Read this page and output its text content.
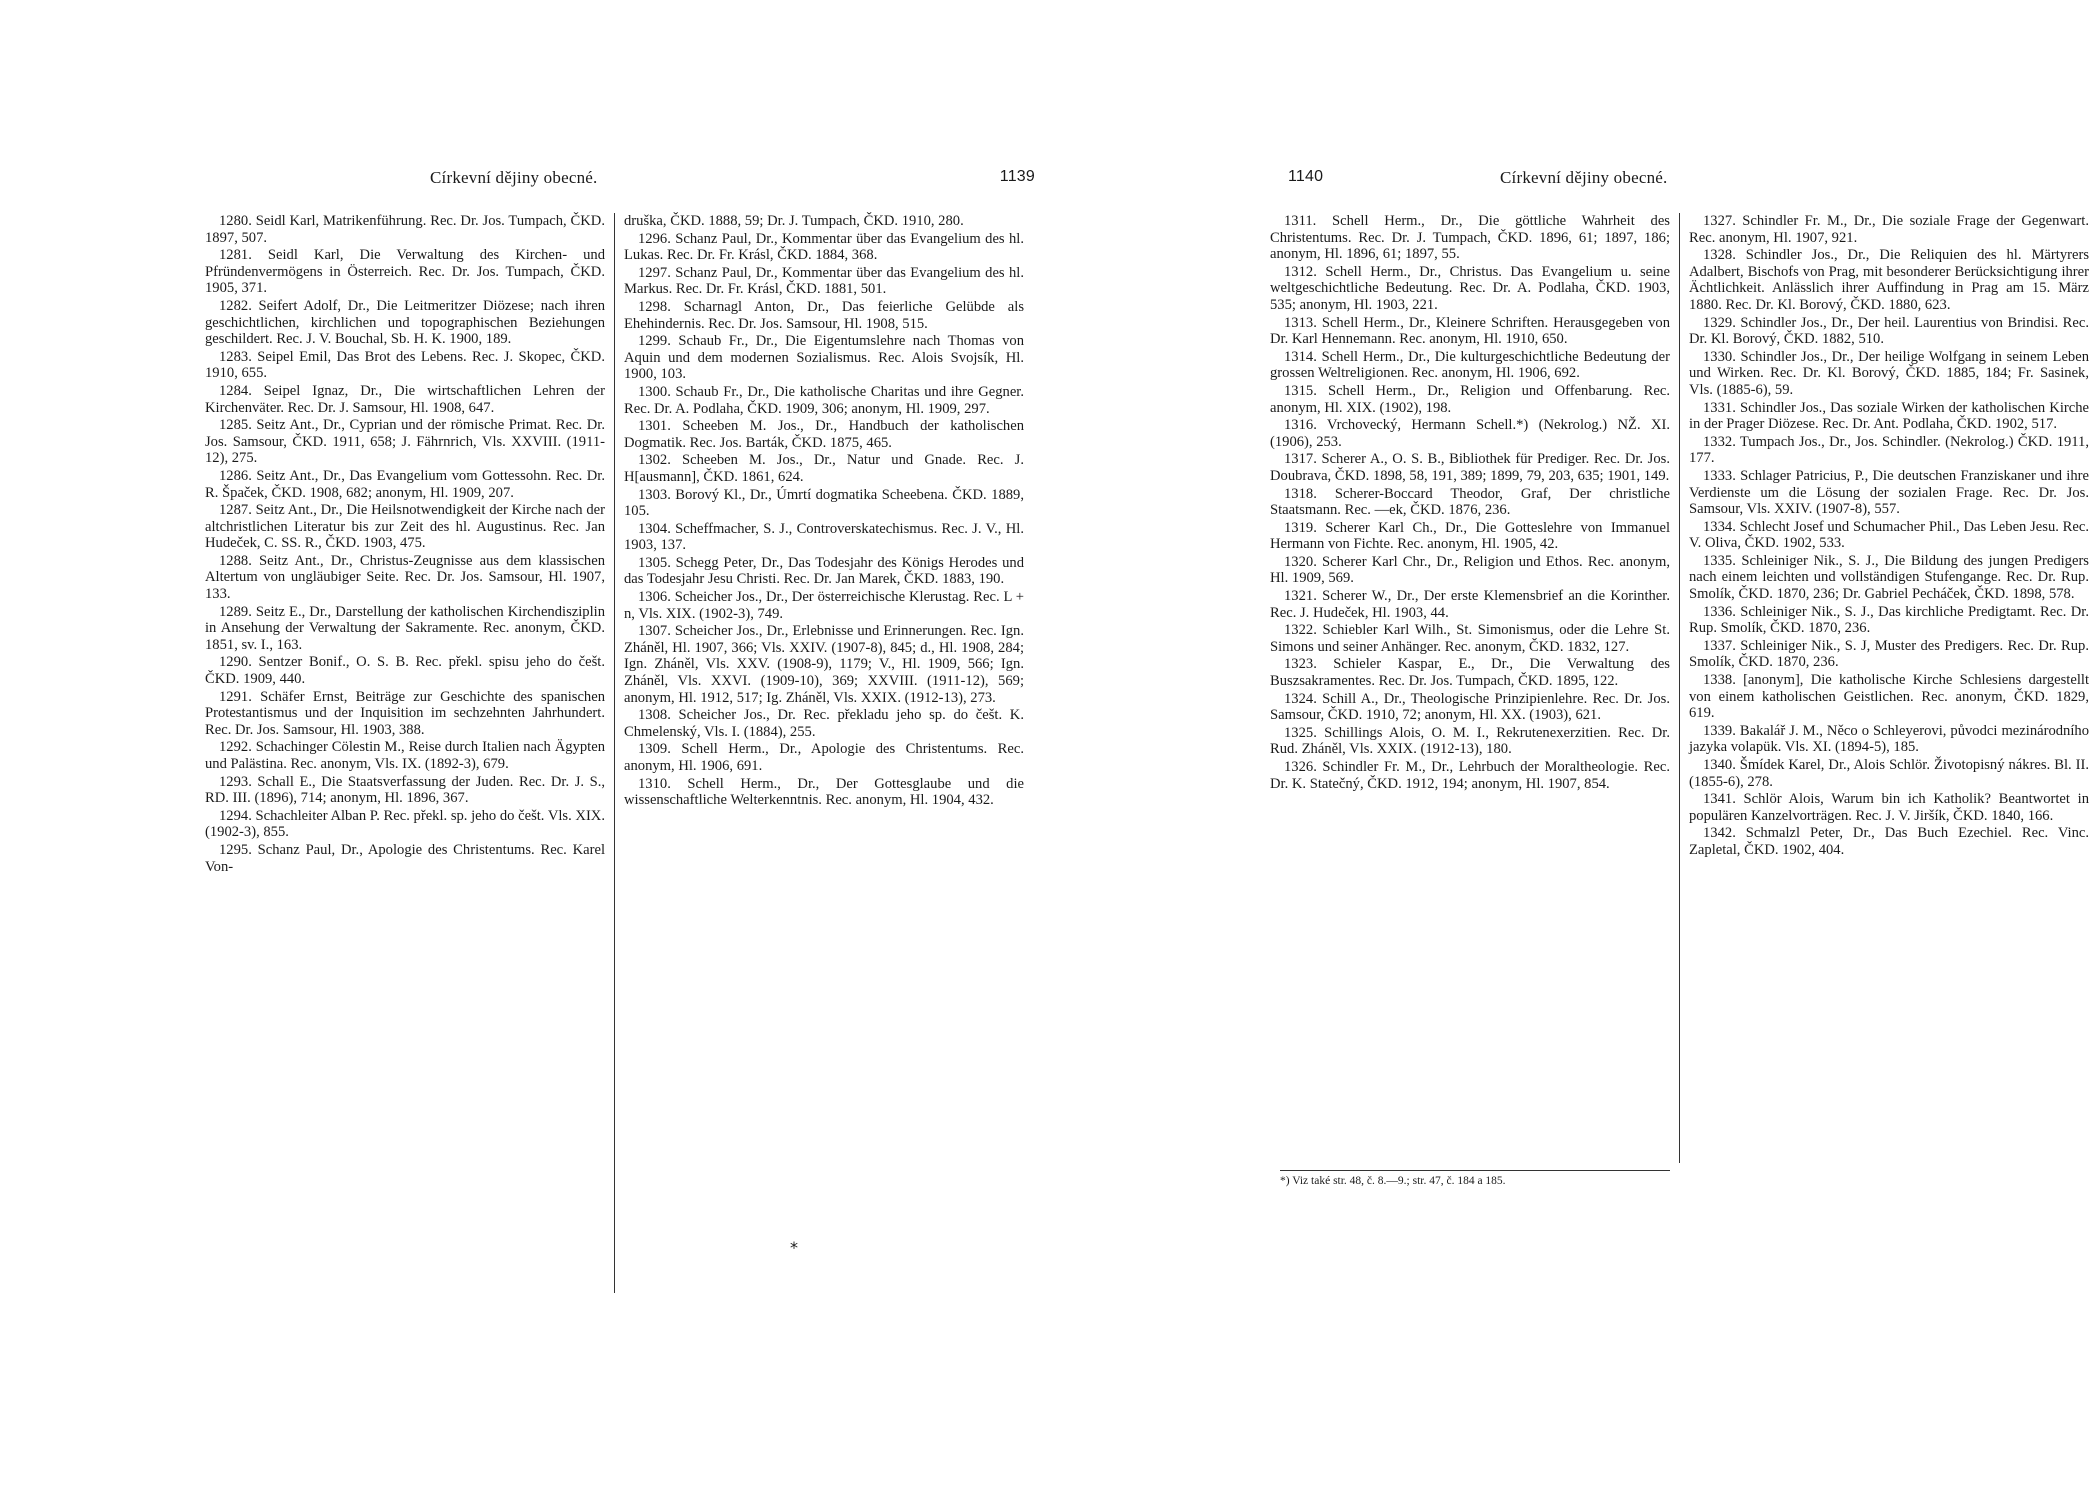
Církevní dějiny obecné.	1139

1280. Seidl Karl, Matrikenführung. Rec. Dr. Jos. Tumpach, ČKD. 1897, 507.

1281. Seidl Karl, Die Verwaltung des Kirchen- und Pfründenvermögens in Österreich. Rec. Dr. Jos. Tumpach, ČKD. 1905, 371.

1282. Seifert Adolf, Dr., Die Leitmeritzer Diözese; nach ihren geschichtlichen, kirchlichen und topographischen Beziehungen geschildert. Rec. J. V. Bouchal, Sb. H. K. 1900, 189.

1283. Seipel Emil, Das Brot des Lebens. Rec. J. Skopec, ČKD. 1910, 655.

1284. Seipel Ignaz, Dr., Die wirtschaftlichen Lehren der Kirchenväter. Rec. Dr. J. Samsour, Hl. 1908, 647.

1285. Seitz Ant., Dr., Cyprian und der römische Primat. Rec. Dr. Jos. Samsour, ČKD. 1911, 658; J. Fährnrich, Vls. XXVIII. (1911-12), 275.

1286. Seitz Ant., Dr., Das Evangelium vom Gottessohn. Rec. Dr. R. Špaček, ČKD. 1908, 682; anonym, Hl. 1909, 207.

1287. Seitz Ant., Dr., Die Heilsnotwendigkeit der Kirche nach der altchristlichen Literatur bis zur Zeit des hl. Augustinus. Rec. Jan Hudeček, C. SS. R., ČKD. 1903, 475.

1288. Seitz Ant., Dr., Christus-Zeugnisse aus dem klassischen Altertum von ungläubiger Seite. Rec. Dr. Jos. Samsour, Hl. 1907, 133.

1289. Seitz E., Dr., Darstellung der katholischen Kirchendisziplin in Ansehung der Verwaltung der Sakramente. Rec. anonym, ČKD. 1851, sv. I., 163.

1290. Sentzer Bonif., O. S. B. Rec. překl. spisu jeho do češt. ČKD. 1909, 440.

1291. Schäfer Ernst, Beiträge zur Geschichte des spanischen Protestantismus und der Inquisition im sechzehnten Jahrhundert. Rec. Dr. Jos. Samsour, Hl. 1903, 388.

1292. Schachinger Cölestin M., Reise durch Italien nach Ägypten und Palästina. Rec. anonym, Vls. IX. (1892-3), 679.

1293. Schall E., Die Staatsverfassung der Juden. Rec. Dr. J. S., RD. III. (1896), 714; anonym, Hl. 1896, 367.

1294. Schachleiter Alban P. Rec. překl. sp. jeho do češt. Vls. XIX. (1902-3), 855.

1295. Schanz Paul, Dr., Apologie des Christentums. Rec. Karel Von-

druška, ČKD. 1888, 59; Dr. J. Tumpach, ČKD. 1910, 280.

1296. Schanz Paul, Dr., Kommentar über das Evangelium des hl. Lukas. Rec. Dr. Fr. Krásl, ČKD. 1884, 368.

1297. Schanz Paul, Dr., Kommentar über das Evangelium des hl. Markus. Rec. Dr. Fr. Krásl, ČKD. 1881, 501.

1298. Scharnagl Anton, Dr., Das feierliche Gelübde als Ehehindernis. Rec. Dr. Jos. Samsour, Hl. 1908, 515.

1299. Schaub Fr., Dr., Die Eigentumslehre nach Thomas von Aquin und dem modernen Sozialismus. Rec. Alois Svojsík, Hl. 1900, 103.

1300. Schaub Fr., Dr., Die katholische Charitas und ihre Gegner. Rec. Dr. A. Podlaha, ČKD. 1909, 306; anonym, Hl. 1909, 297.

1301. Scheeben M. Jos., Dr., Handbuch der katholischen Dogmatik. Rec. Jos. Barták, ČKD. 1875, 465.

1302. Scheeben M. Jos., Dr., Natur und Gnade. Rec. J. H[ausmann], ČKD. 1861, 624.

1303. Borový Kl., Dr., Úmrtí dogmatika Scheebena. ČKD. 1889, 105.

1304. Scheffmacher, S. J., Controverskatechismus. Rec. J. V., Hl. 1903, 137.

1305. Schegg Peter, Dr., Das Todesjahr des Königs Herodes und das Todesjahr Jesu Christi. Rec. Dr. Jan Marek, ČKD. 1883, 190.

1306. Scheicher Jos., Dr., Der österreichische Klerustag. Rec. L + n, Vls. XIX. (1902-3), 749.

1307. Scheicher Jos., Dr., Erlebnisse und Erinnerungen. Rec. Ign. Zháněl, Hl. 1907, 366; Vls. XXIV. (1907-8), 845; d., Hl. 1908, 284; Ign. Zháněl, Vls. XXV. (1908-9), 1179; V., Hl. 1909, 566; Ign. Zháněl, Vls. XXVI. (1909-10), 369; XXVIII. (1911-12), 569; anonym, Hl. 1912, 517; Ig. Zháněl, Vls. XXIX. (1912-13), 273.

1308. Scheicher Jos., Dr. Rec. překladu jeho sp. do češt. K. Chmelenský, Vls. I. (1884), 255.

1309. Schell Herm., Dr., Apologie des Christentums. Rec. anonym, Hl. 1906, 691.

1310. Schell Herm., Dr., Der Gottesglaube und die wissenschaftliche Welterkenntnis. Rec. anonym, Hl. 1904, 432.

*
1140	Církevní dějiny obecné.

1311. Schell Herm., Dr., Die göttliche Wahrheit des Christentums. Rec. Dr. J. Tumpach, ČKD. 1896, 61; 1897, 186; anonym, Hl. 1896, 61; 1897, 55.

1312. Schell Herm., Dr., Christus. Das Evangelium u. seine weltgeschichtliche Bedeutung. Rec. Dr. A. Podlaha, ČKD. 1903, 535; anonym, Hl. 1903, 221.

1313. Schell Herm., Dr., Kleinere Schriften. Herausgegeben von Dr. Karl Hennemann. Rec. anonym, Hl. 1910, 650.

1314. Schell Herm., Dr., Die kulturgeschichtliche Bedeutung der grossen Weltreligionen. Rec. anonym, Hl. 1906, 692.

1315. Schell Herm., Dr., Religion und Offenbarung. Rec. anonym, Hl. XIX. (1902), 198.

1316. Vrchovecký, Hermann Schell.*) (Nekrolog.) NŽ. XI. (1906), 253.

1317. Scherer A., O. S. B., Bibliothek für Prediger. Rec. Dr. Jos. Doubrava, ČKD. 1898, 58, 191, 389; 1899, 79, 203, 635; 1901, 149.

1318. Scherer-Boccard Theodor, Graf, Der christliche Staatsmann. Rec. —ek, ČKD. 1876, 236.

1319. Scherer Karl Ch., Dr., Die Gotteslehre von Immanuel Hermann von Fichte. Rec. anonym, Hl. 1905, 42.

1320. Scherer Karl Chr., Dr., Religion und Ethos. Rec. anonym, Hl. 1909, 569.

1321. Scherer W., Dr., Der erste Klemensbrief an die Korinther. Rec. J. Hudeček, Hl. 1903, 44.

1322. Schiebler Karl Wilh., St. Simonismus, oder die Lehre St. Simons und seiner Anhänger. Rec. anonym, ČKD. 1832, 127.

1323. Schieler Kaspar, E., Dr., Die Verwaltung des Buszsakramentes. Rec. Dr. Jos. Tumpach, ČKD. 1895, 122.

1324. Schill A., Dr., Theologische Prinzipienlehre. Rec. Dr. Jos. Samsour, ČKD. 1910, 72; anonym, Hl. XX. (1903), 621.

1325. Schillings Alois, O. M. I., Rekrutenexerzitien. Rec. Dr. Rud. Zháněl, Vls. XXIX. (1912-13), 180.

1326. Schindler Fr. M., Dr., Lehrbuch der Moraltheologie. Rec. Dr. K. Statečný, ČKD. 1912, 194; anonym, Hl. 1907, 854.

1327. Schindler Fr. M., Dr., Die soziale Frage der Gegenwart. Rec. anonym, Hl. 1907, 921.

1328. Schindler Jos., Dr., Die Reliquien des hl. Märtyrers Adalbert, Bischofs von Prag, mit besonderer Berücksichtigung ihrer Ächtlichkeit. Anlässlich ihrer Auffindung in Prag am 15. März 1880. Rec. Dr. Kl. Borový, ČKD. 1880, 623.

1329. Schindler Jos., Dr., Der heil. Laurentius von Brindisi. Rec. Dr. Kl. Borový, ČKD. 1882, 510.

1330. Schindler Jos., Dr., Der heilige Wolfgang in seinem Leben und Wirken. Rec. Dr. Kl. Borový, ČKD. 1885, 184; Fr. Sasinek, Vls. (1885-6), 59.

1331. Schindler Jos., Das soziale Wirken der katholischen Kirche in der Prager Diözese. Rec. Dr. Ant. Podlaha, ČKD. 1902, 517.

1332. Tumpach Jos., Dr., Jos. Schindler. (Nekrolog.) ČKD. 1911, 177.

1333. Schlager Patricius, P., Die deutschen Franziskaner und ihre Verdienste um die Lösung der sozialen Frage. Rec. Dr. Jos. Samsour, Vls. XXIV. (1907-8), 557.

1334. Schlecht Josef und Schumacher Phil., Das Leben Jesu. Rec. V. Oliva, ČKD. 1902, 533.

1335. Schleiniger Nik., S. J., Die Bildung des jungen Predigers nach einem leichten und vollständigen Stufengange. Rec. Dr. Rup. Smolík, ČKD. 1870, 236; Dr. Gabriel Pecháček, ČKD. 1898, 578.

1336. Schleiniger Nik., S. J., Das kirchliche Predigtamt. Rec. Dr. Rup. Smolík, ČKD. 1870, 236.

1337. Schleiniger Nik., S. J, Muster des Predigers. Rec. Dr. Rup. Smolík, ČKD. 1870, 236.

1338. [anonym], Die katholische Kirche Schlesiens dargestellt von einem katholischen Geistlichen. Rec. anonym, ČKD. 1829, 619.

1339. Bakalář J. M., Něco o Schleyerovi, původci mezinárodního jazyka volapük. Vls. XI. (1894-5), 185.

1340. Šmídek Karel, Dr., Alois Schlör. Životopisný nákres. Bl. II. (1855-6), 278.

1341. Schlör Alois, Warum bin ich Katholik? Beantwortet in populären Kanzelvorträgen. Rec. J. V. Jiršík, ČKD. 1840, 166.

1342. Schmalzl Peter, Dr., Das Buch Ezechiel. Rec. Vinc. Zapletal, ČKD. 1902, 404.

*) Viz také str. 48, č. 8.—9.; str. 47, č. 184 a 185.
